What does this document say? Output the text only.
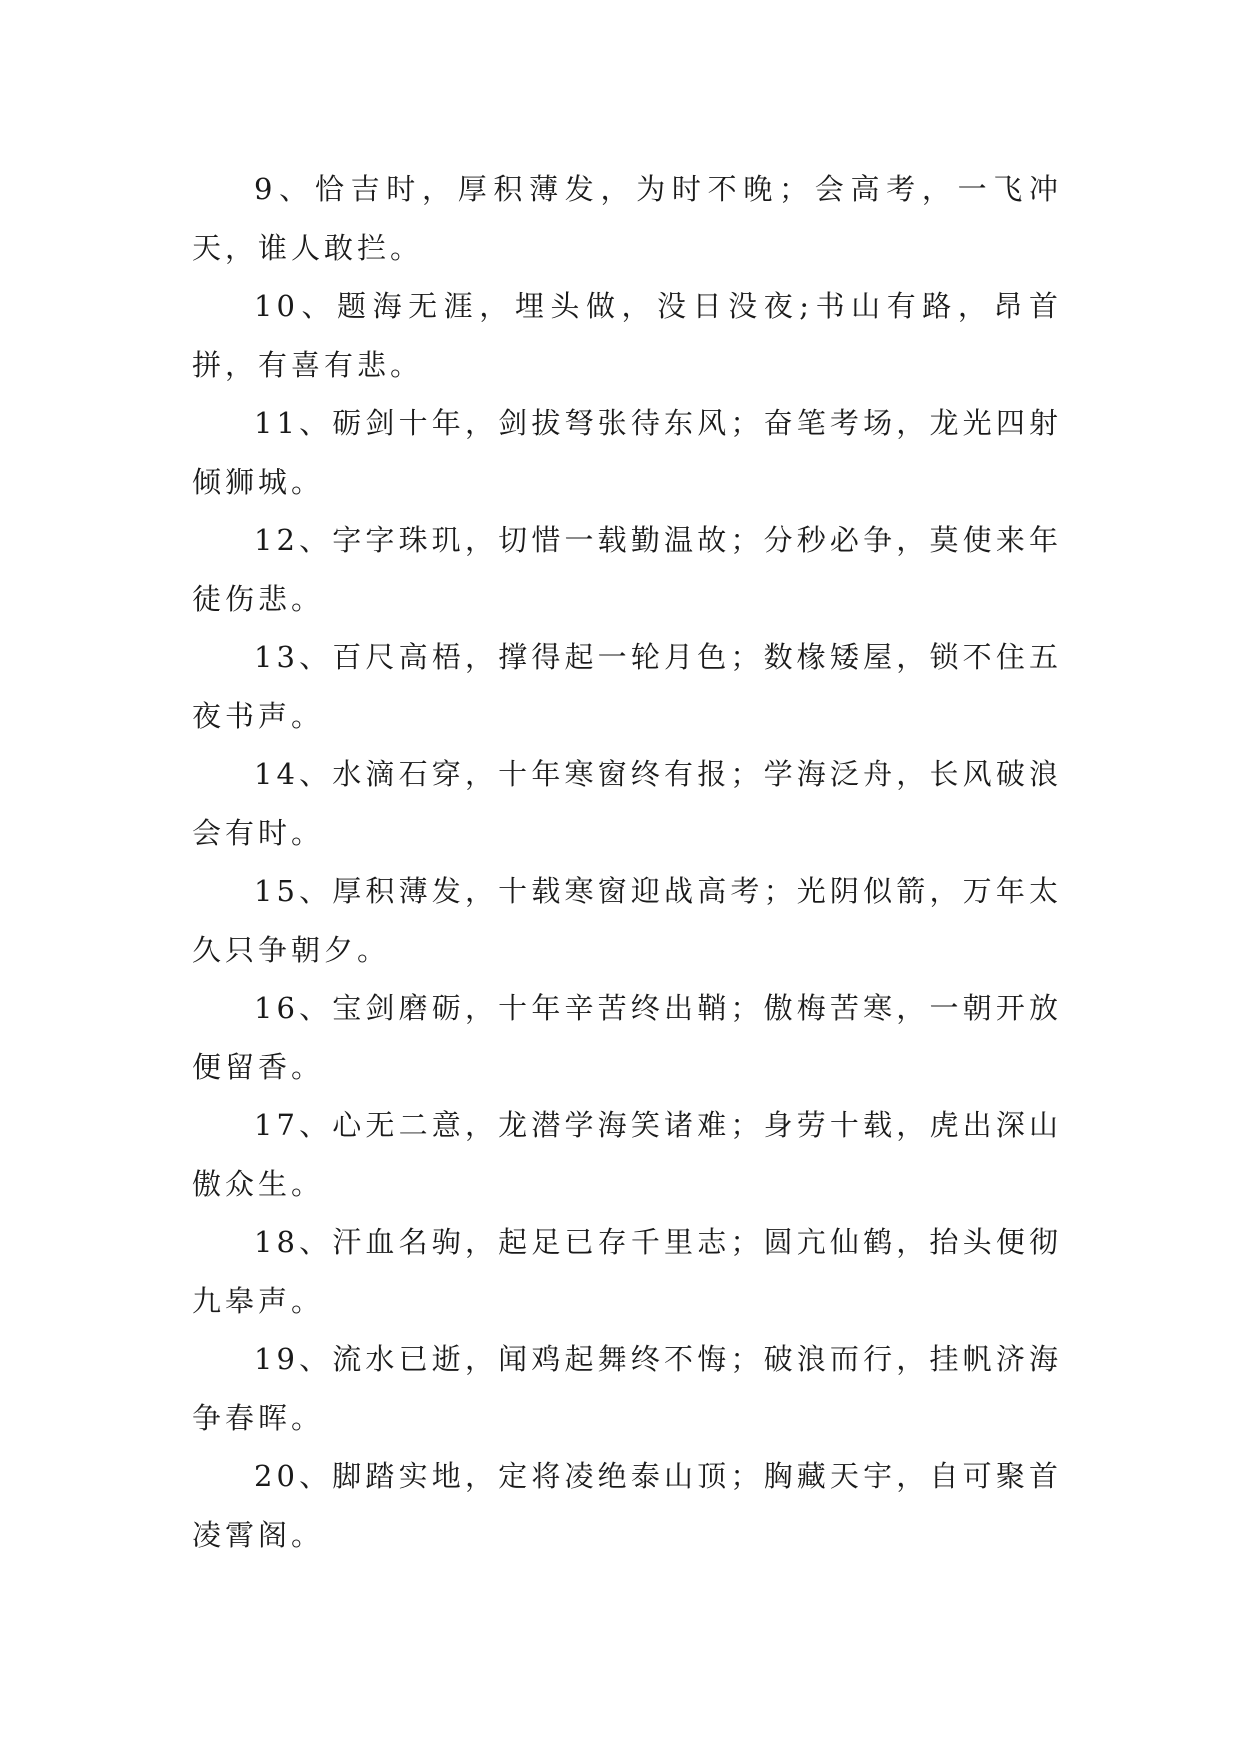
9、恰吉时，厚积薄发，为时不晚；会高考，一飞冲天，谁人敢拦。

10、题海无涯，埋头做，没日没夜;书山有路，昂首拼，有喜有悲。

11、砺剑十年，剑拔弩张待东风；奋笔考场，龙光四射倾狮城。

12、字字珠玑，切惜一载勤温故；分秒必争，莫使来年徒伤悲。

13、百尺高梧，撑得起一轮月色；数椽矮屋，锁不住五夜书声。

14、水滴石穿，十年寒窗终有报；学海泛舟，长风破浪会有时。

15、厚积薄发，十载寒窗迎战高考；光阴似箭，万年太久只争朝夕。

16、宝剑磨砺，十年辛苦终出鞘；傲梅苦寒，一朝开放便留香。

17、心无二意，龙潜学海笑诸难；身劳十载，虎出深山傲众生。

18、汗血名驹，起足已存千里志；圆亢仙鹤，抬头便彻九皋声。

19、流水已逝，闻鸡起舞终不悔；破浪而行，挂帆济海争春晖。

20、脚踏实地，定将凌绝泰山顶；胸藏天宇，自可聚首凌霄阁。
